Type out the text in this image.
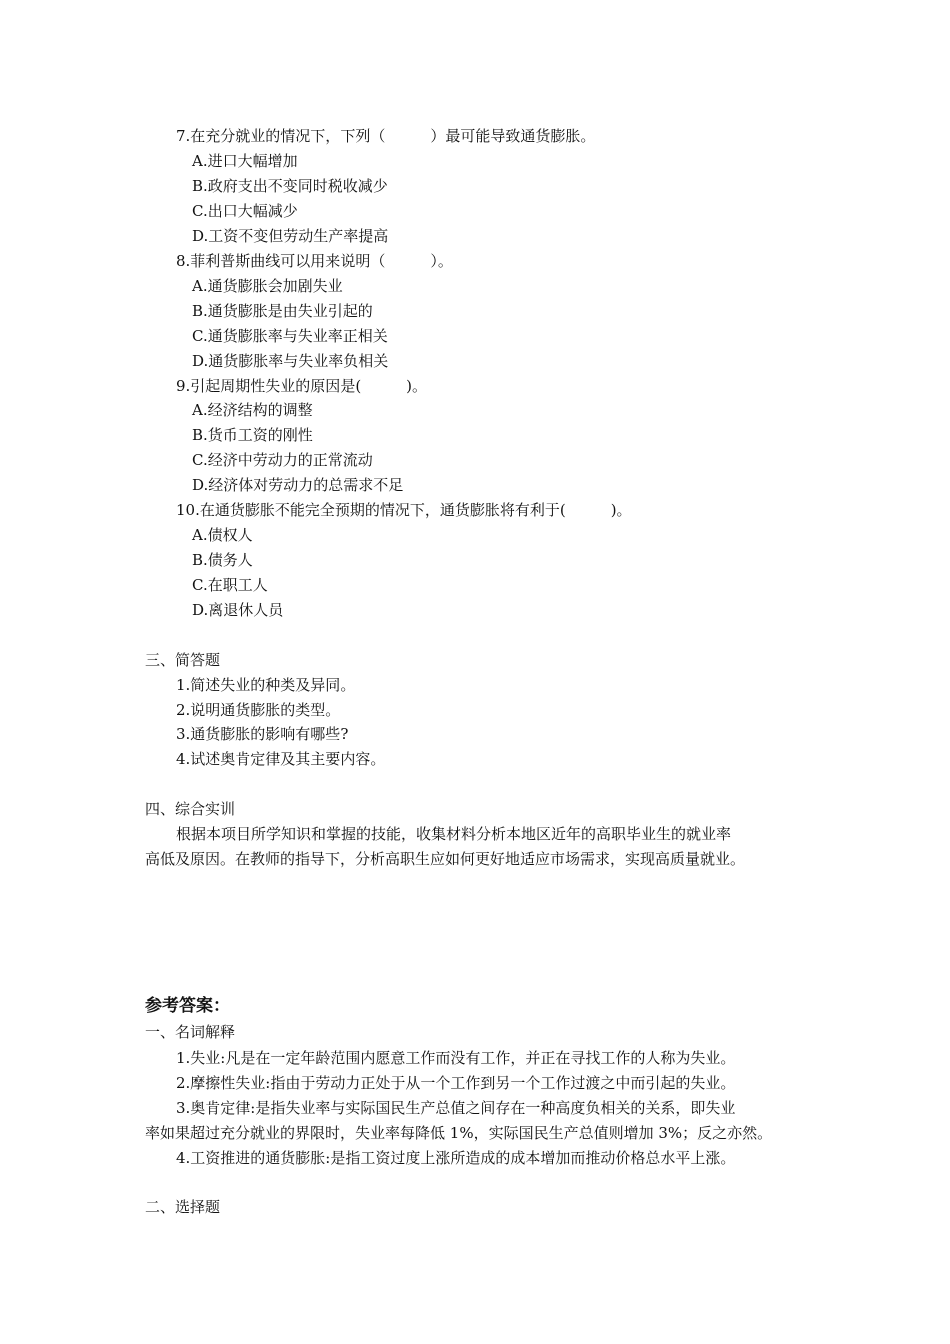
7.在充分就业的情况下，下列（　　　）最可能导致通货膨胀。
A.进口大幅增加
B.政府支出不变同时税收减少
C.出口大幅减少
D.工资不变但劳动生产率提高
8.菲利普斯曲线可以用来说明（　　　）。
A.通货膨胀会加剧失业
B.通货膨胀是由失业引起的
C.通货膨胀率与失业率正相关
D.通货膨胀率与失业率负相关
9.引起周期性失业的原因是(　　　)。
A.经济结构的调整
B.货币工资的刚性
C.经济中劳动力的正常流动
D.经济体对劳动力的总需求不足
10.在通货膨胀不能完全预期的情况下，通货膨胀将有利于(　　　)。
A.债权人
B.债务人
C.在职工人
D.离退休人员
三、简答题
1.简述失业的种类及异同。
2.说明通货膨胀的类型。
3.通货膨胀的影响有哪些?
4.试述奥肯定律及其主要内容。
四、综合实训
根据本项目所学知识和掌握的技能，收集材料分析本地区近年的高职毕业生的就业率
高低及原因。在教师的指导下，分析高职生应如何更好地适应市场需求，实现高质量就业。
参考答案：
一、名词解释
1.失业:凡是在一定年龄范围内愿意工作而没有工作，并正在寻找工作的人称为失业。
2.摩擦性失业:指由于劳动力正处于从一个工作到另一个工作过渡之中而引起的失业。
3.奥肯定律:是指失业率与实际国民生产总值之间存在一种高度负相关的关系，即失业
率如果超过充分就业的界限时，失业率每降低 1%，实际国民生产总值则增加 3%；反之亦然。
4.工资推进的通货膨胀:是指工资过度上涨所造成的成本增加而推动价格总水平上涨。
二、选择题
